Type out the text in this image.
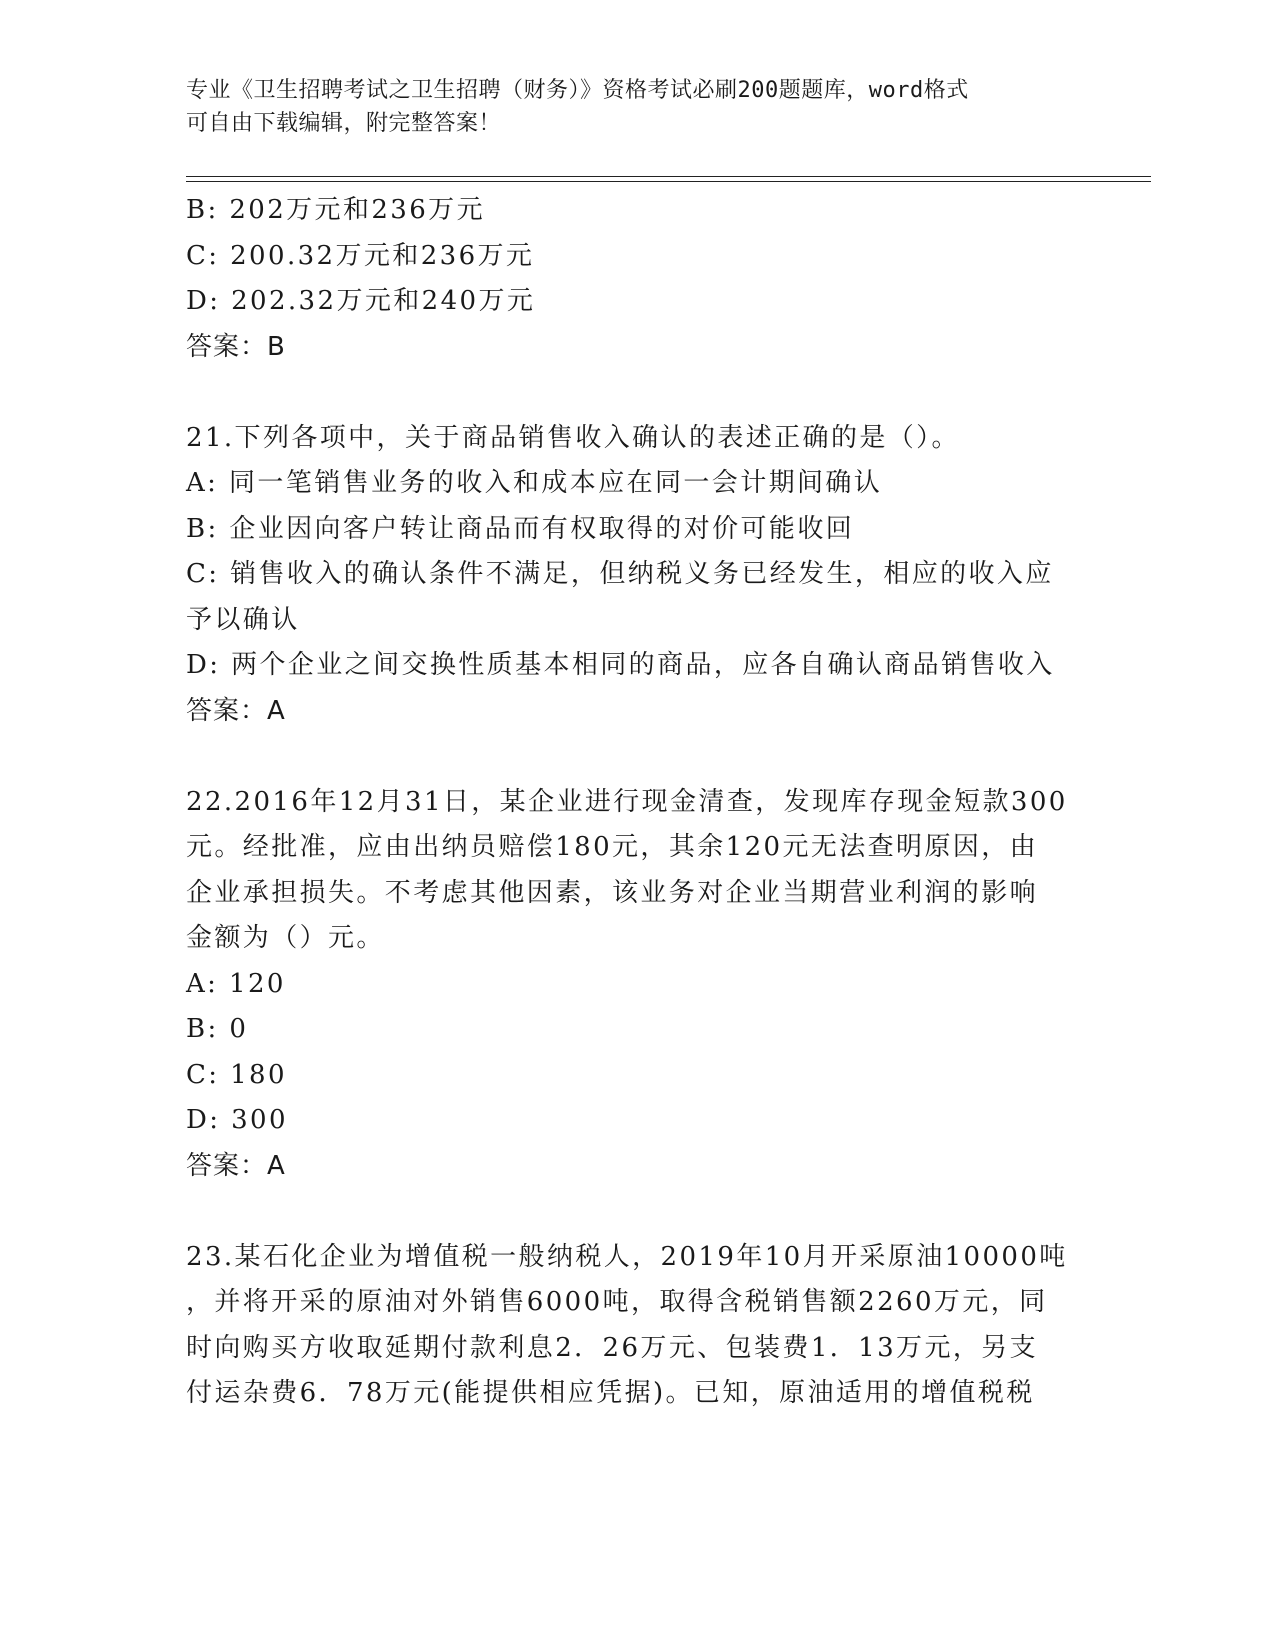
专业《卫生招聘考试之卫生招聘（财务）》资格考试必刷200题题库，word格式
可自由下载编辑，附完整答案！
B: 202万元和236万元
C: 200.32万元和236万元
D: 202.32万元和240万元
答案：B
21.下列各项中，关于商品销售收入确认的表述正确的是（）。
A: 同一笔销售业务的收入和成本应在同一会计期间确认
B: 企业因向客户转让商品而有权取得的对价可能收回
C: 销售收入的确认条件不满足，但纳税义务已经发生，相应的收入应
予以确认
D: 两个企业之间交换性质基本相同的商品，应各自确认商品销售收入
答案：A
22.2016年12月31日，某企业进行现金清查，发现库存现金短款300
元。经批准，应由出纳员赔偿180元，其余120元无法查明原因，由
企业承担损失。不考虑其他因素，该业务对企业当期营业利润的影响
金额为（）元。
A: 120
B: 0
C: 180
D: 300
答案：A
23.某石化企业为增值税一般纳税人，2019年10月开采原油10000吨
，并将开采的原油对外销售6000吨，取得含税销售额2260万元，同
时向购买方收取延期付款利息2．26万元、包装费1．13万元，另支
付运杂费6．78万元(能提供相应凭据)。已知，原油适用的增值税税
